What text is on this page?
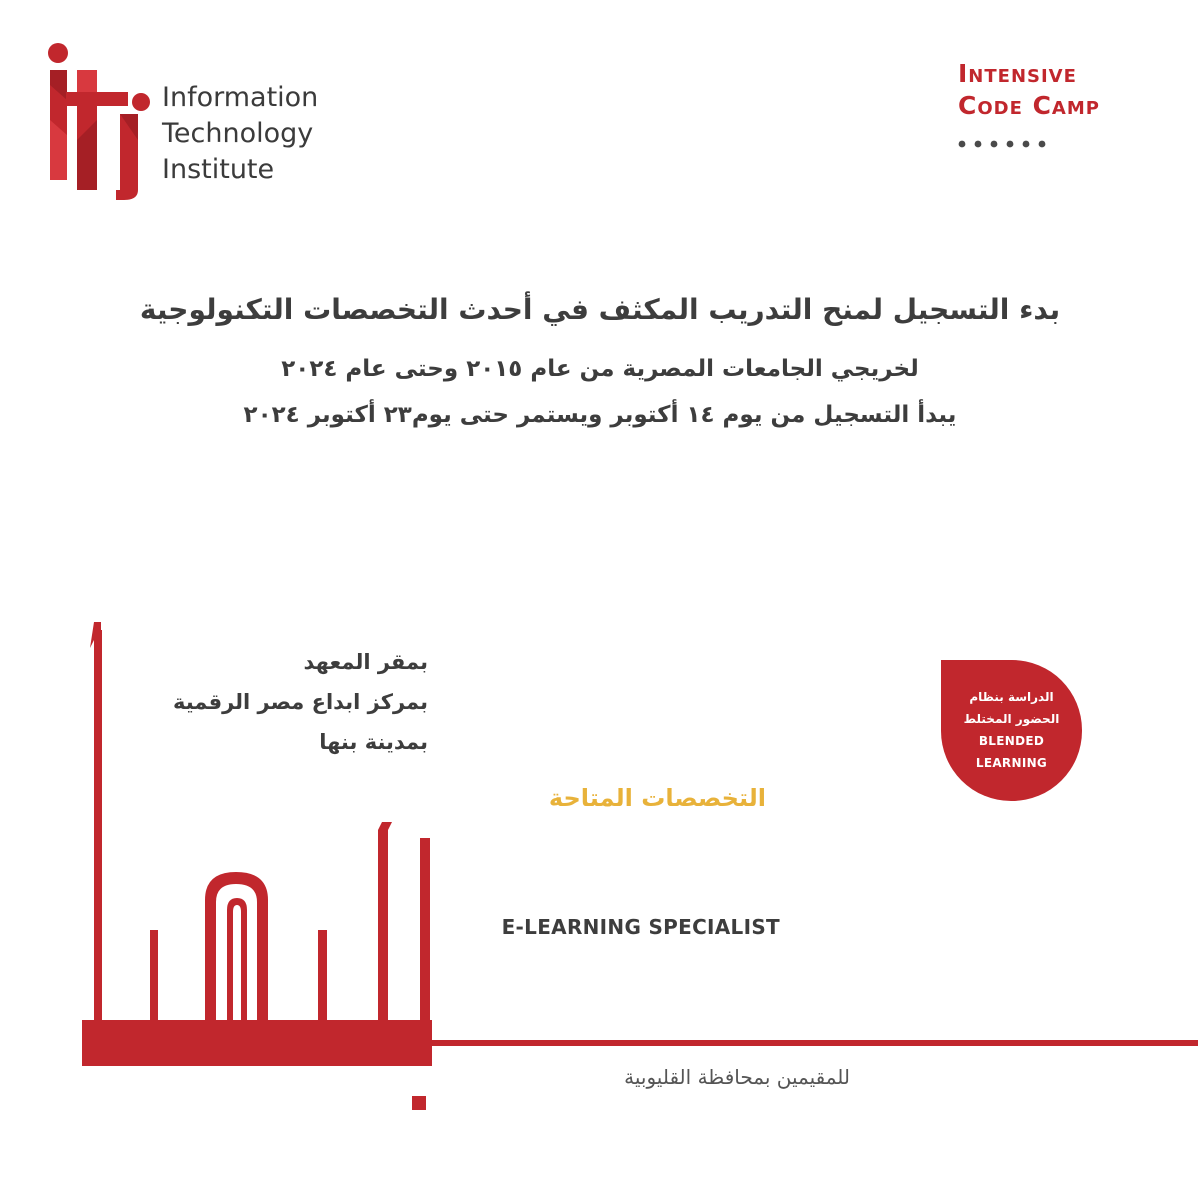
Information
Technology
Institute
Intensive
Code Camp
بدء التسجيل لمنح التدريب المكثف في أحدث التخصصات التكنولوجية
لخريجي الجامعات المصرية من عام ٢٠١٥ وحتى عام ٢٠٢٤
يبدأ التسجيل من يوم ١٤ أكتوبر ويستمر حتى يوم٢٣ أكتوبر ٢٠٢٤
بمقر المعهد
بمركز ابداع مصر الرقمية
بمدينة بنها
الدراسة بنظام
الحضور المختلط
BLENDED
LEARNING
التخصصات المتاحة
E-LEARNING SPECIALIST
للمقيمين بمحافظة القليوبية
